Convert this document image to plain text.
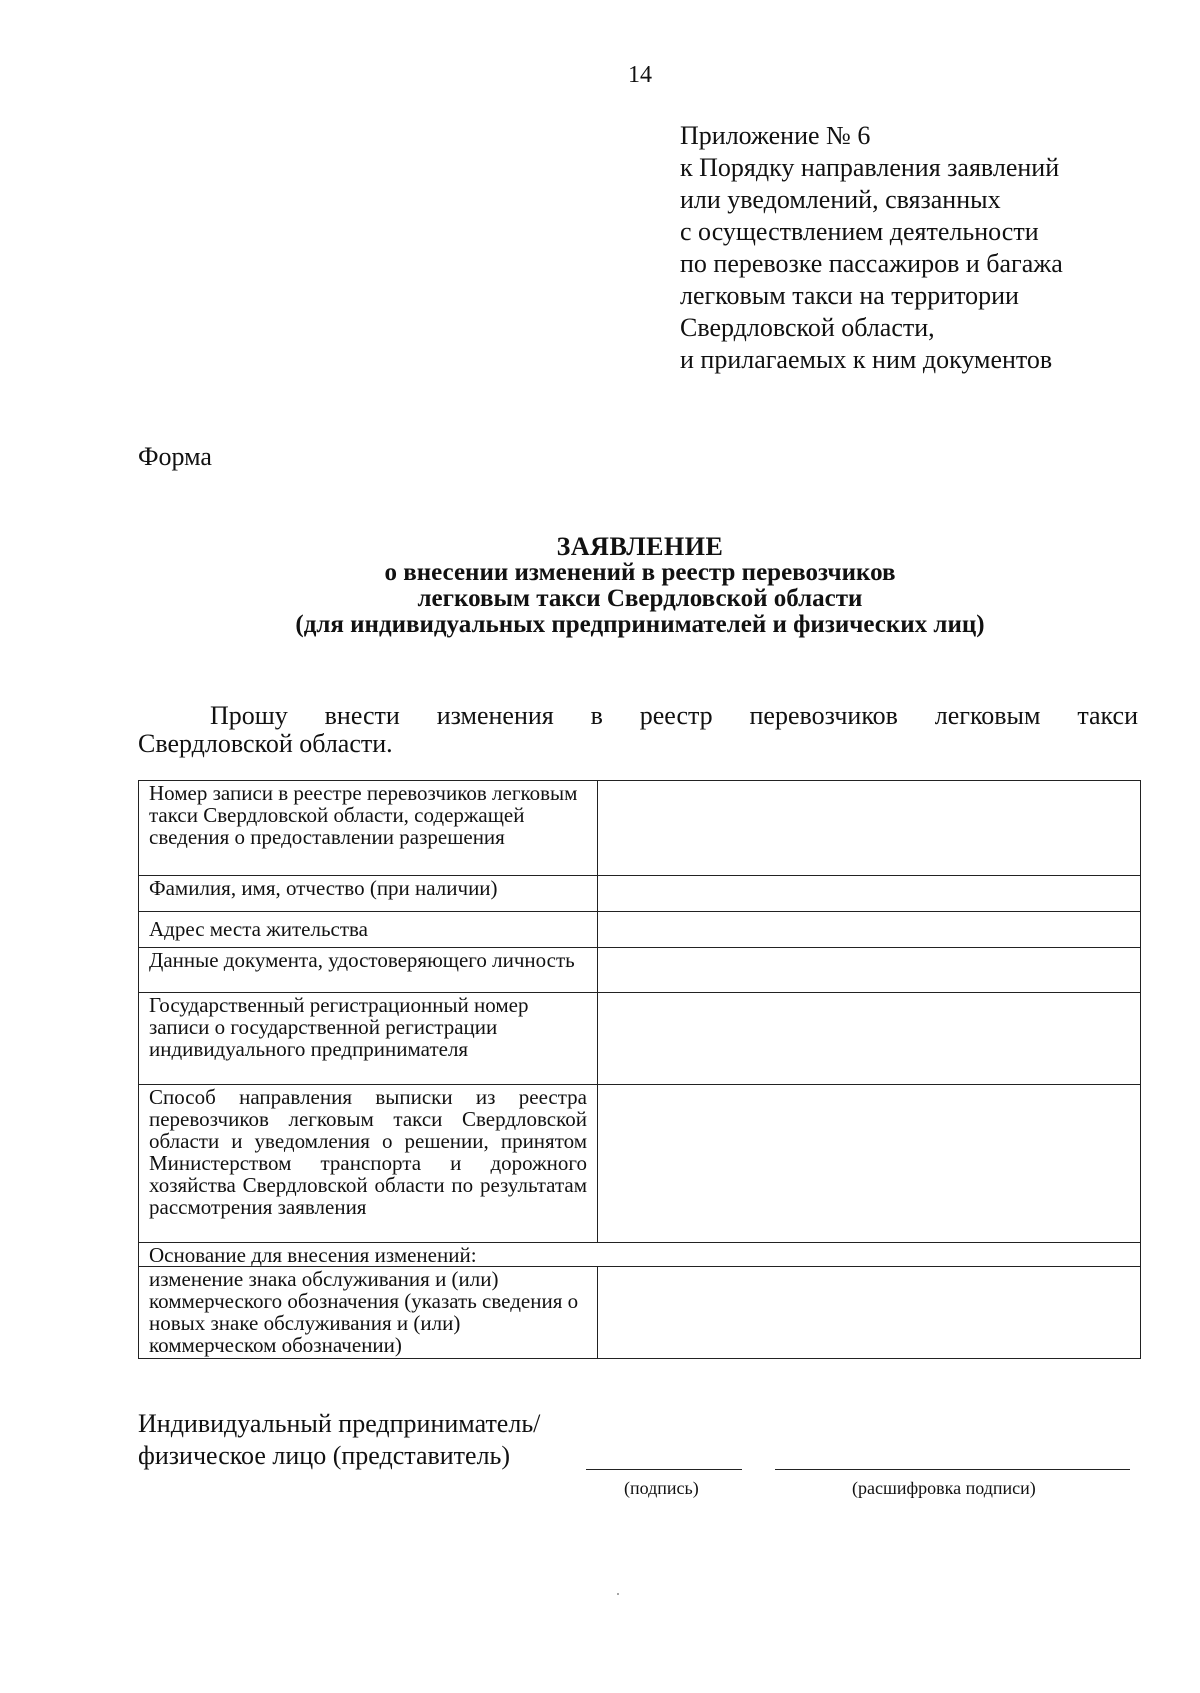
14
Приложение № 6
к Порядку направления заявлений
или уведомлений, связанных
с осуществлением деятельности
по перевозке пассажиров и багажа
легковым такси на территории
Свердловской области,
и прилагаемых к ним документов
Форма
ЗАЯВЛЕНИЕ
о внесении изменений в реестр перевозчиков
легковым такси Свердловской области
(для индивидуальных предпринимателей и физических лиц)
Прошу внести изменения в реестр перевозчиков легковым такси
Свердловской области.
Номер записи в реестре перевозчиков легковым такси Свердловской области, содержащей сведения о предоставлении разрешения	
Фамилия, имя, отчество (при наличии)	
Адрес места жительства	
Данные документа, удостоверяющего личность	
Государственный регистрационный номер записи о государственной регистрации индивидуального предпринимателя	
Способ направления выписки из реестра перевозчиков легковым такси Свердловской области и уведомления о решении, принятом Министерством транспорта и дорожного хозяйства Свердловской области по результатам рассмотрения заявления	
Основание для внесения изменений:	
изменение знака обслуживания и (или) коммерческого обозначения (указать сведения о новых знаке обслуживания и (или) коммерческом обозначении)	
Индивидуальный предприниматель/
физическое лицо (представитель)
(подпись)	(расшифровка подписи)
